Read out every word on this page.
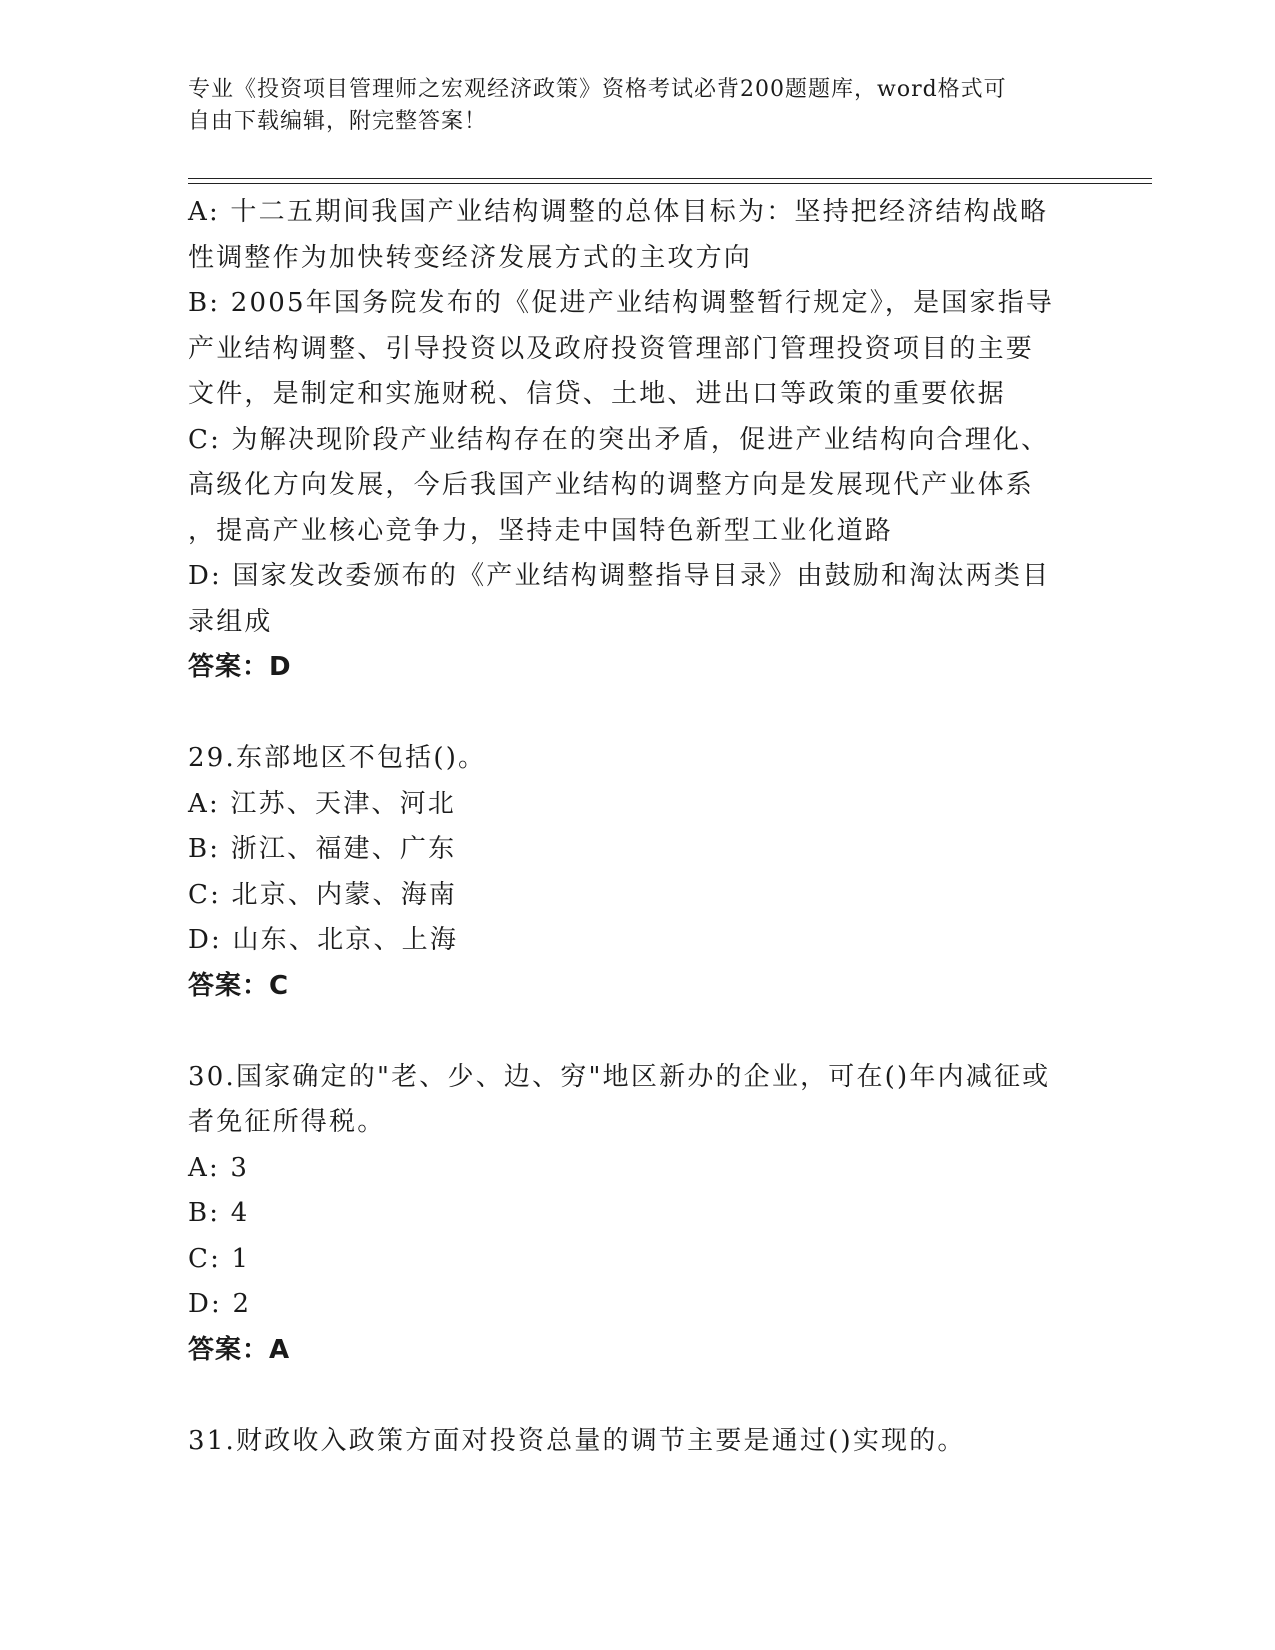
专业《投资项目管理师之宏观经济政策》资格考试必背200题题库，word格式可
自由下载编辑，附完整答案！
A: 十二五期间我国产业结构调整的总体目标为：坚持把经济结构战略
性调整作为加快转变经济发展方式的主攻方向
B: 2005年国务院发布的《促进产业结构调整暂行规定》，是国家指导
产业结构调整、引导投资以及政府投资管理部门管理投资项目的主要
文件，是制定和实施财税、信贷、土地、进出口等政策的重要依据
C: 为解决现阶段产业结构存在的突出矛盾，促进产业结构向合理化、
高级化方向发展，今后我国产业结构的调整方向是发展现代产业体系
，提高产业核心竞争力，坚持走中国特色新型工业化道路
D: 国家发改委颁布的《产业结构调整指导目录》由鼓励和淘汰两类目
录组成
答案：D
29.东部地区不包括()。
A: 江苏、天津、河北
B: 浙江、福建、广东
C: 北京、内蒙、海南
D: 山东、北京、上海
答案：C
30.国家确定的"老、少、边、穷"地区新办的企业，可在()年内减征或
者免征所得税。
A: 3
B: 4
C: 1
D: 2
答案：A
31.财政收入政策方面对投资总量的调节主要是通过()实现的。
